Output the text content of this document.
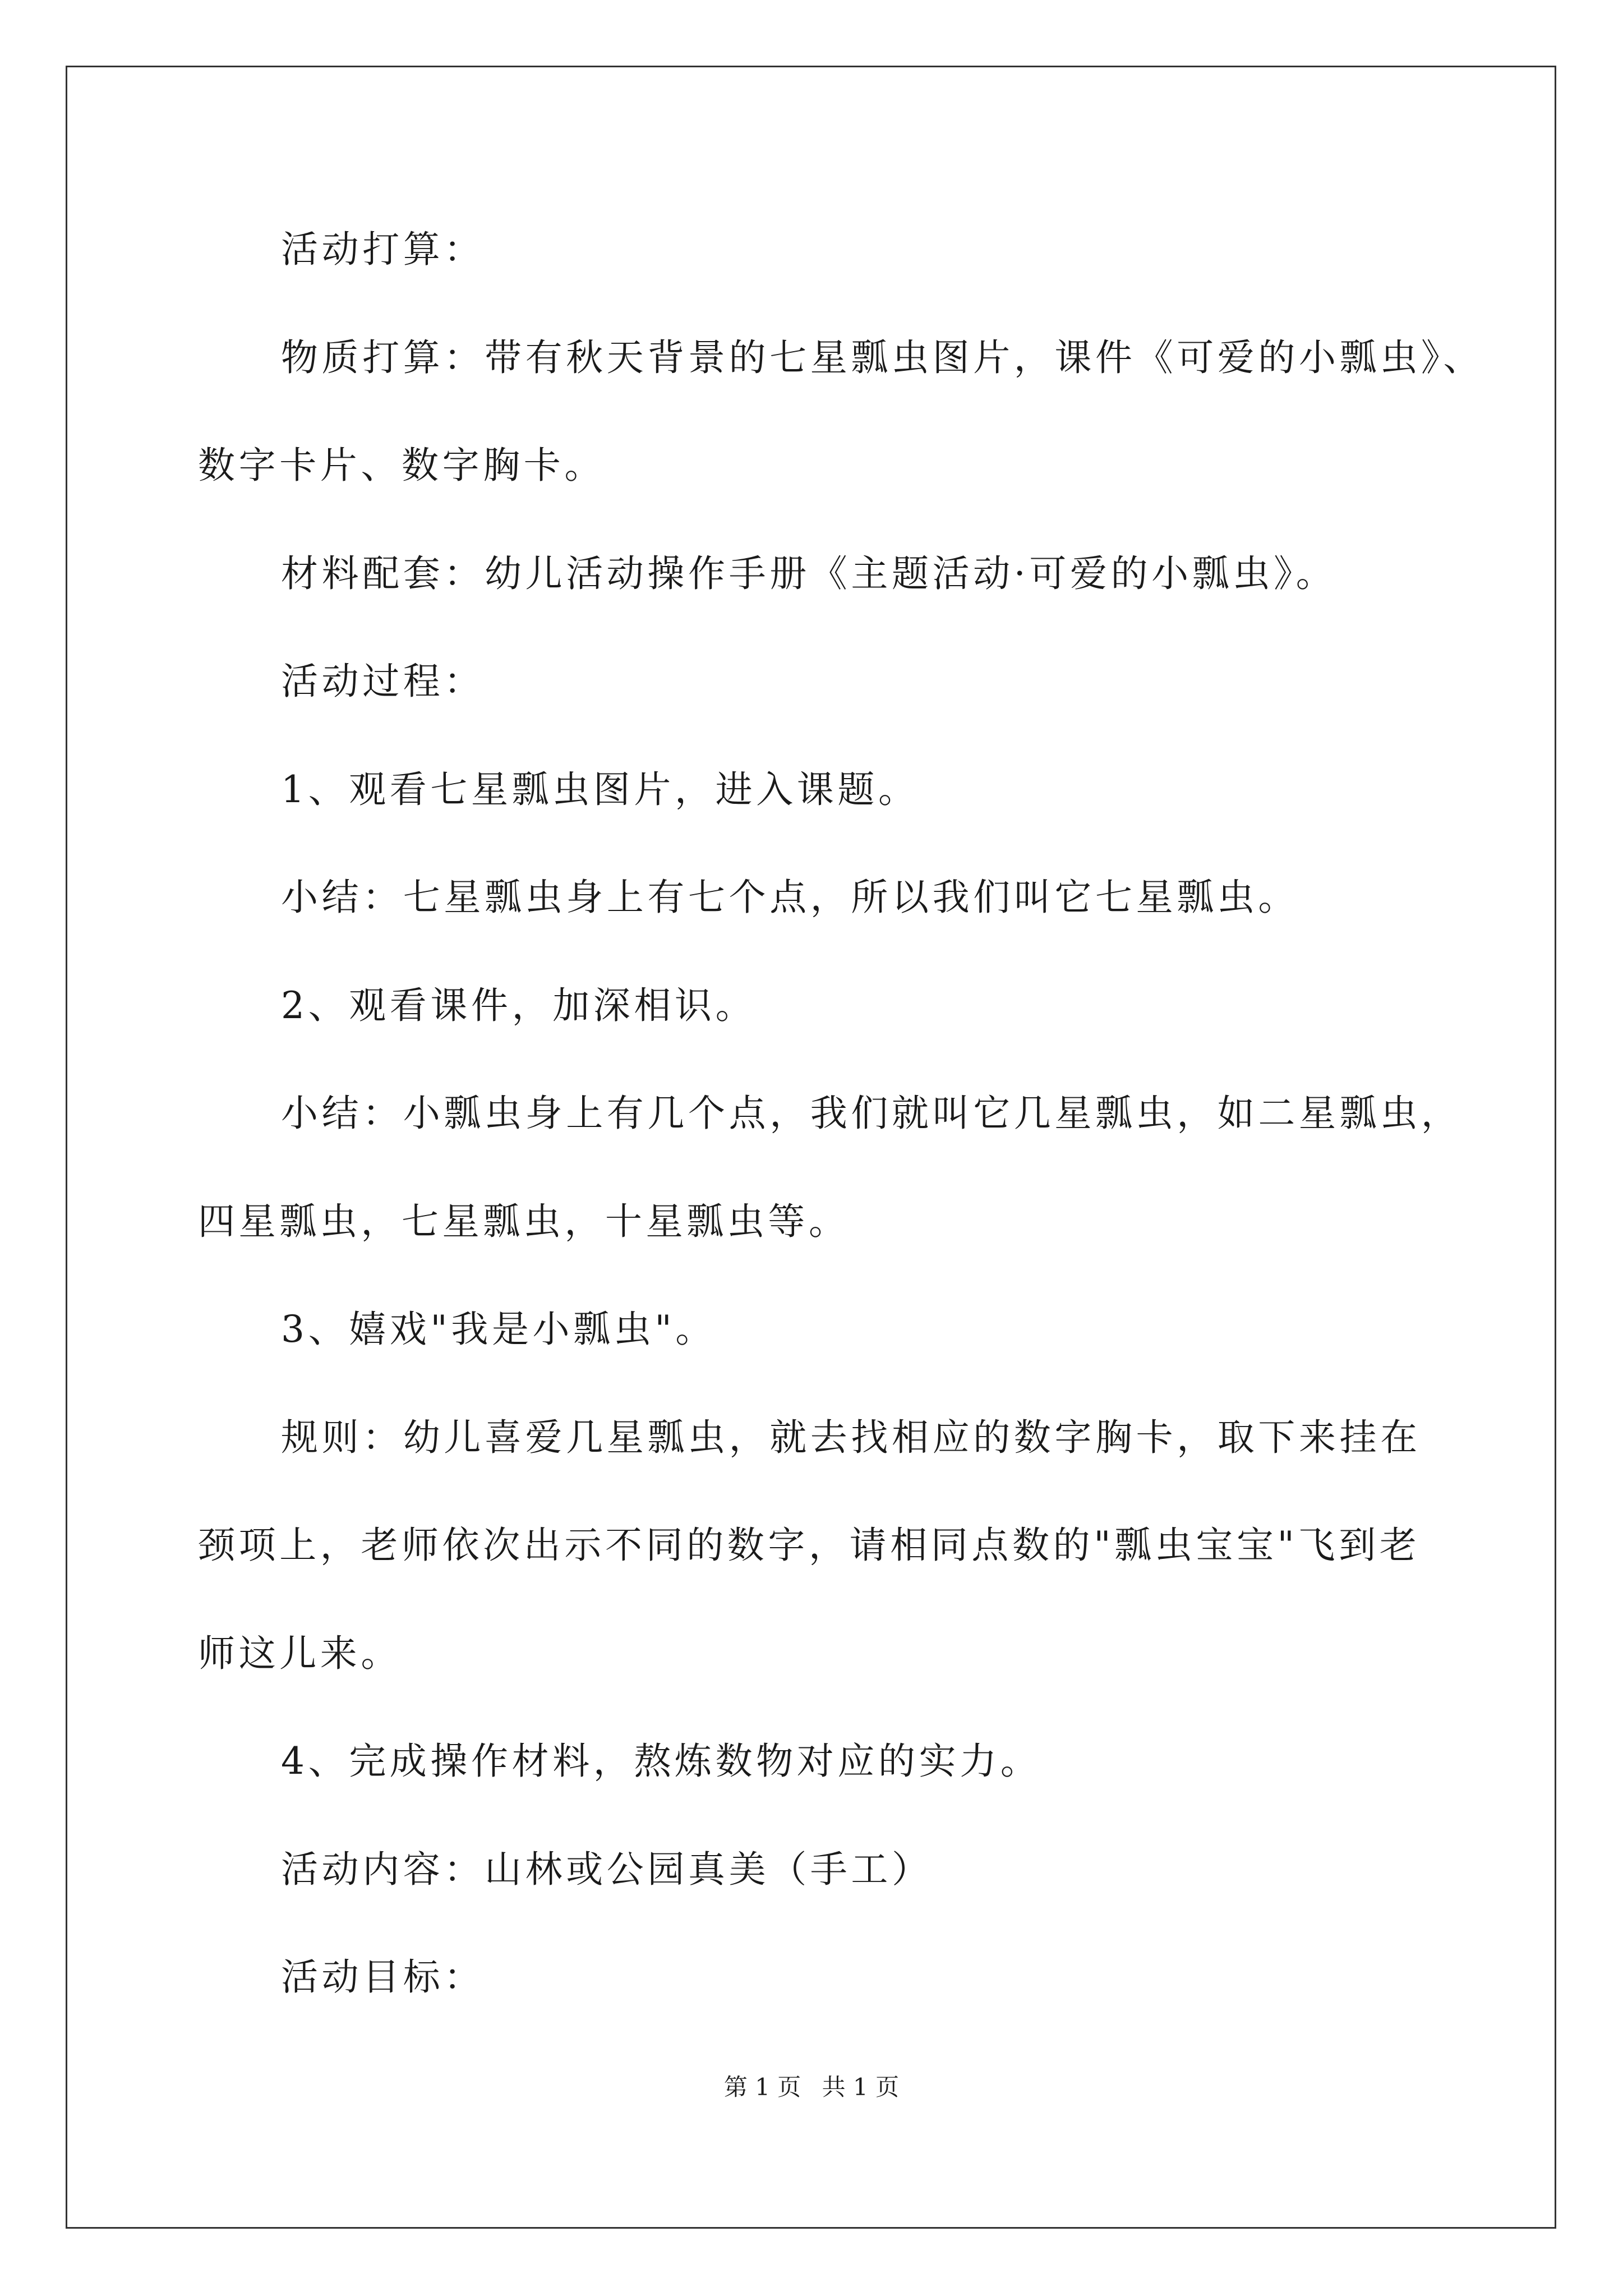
活动打算：
物质打算：带有秋天背景的七星瓢虫图片，课件《可爱的小瓢虫》、
数字卡片、数字胸卡。
材料配套：幼儿活动操作手册《主题活动·可爱的小瓢虫》。
活动过程：
1、观看七星瓢虫图片，进入课题。
小结：七星瓢虫身上有七个点，所以我们叫它七星瓢虫。
2、观看课件，加深相识。
小结：小瓢虫身上有几个点，我们就叫它几星瓢虫，如二星瓢虫，
四星瓢虫，七星瓢虫，十星瓢虫等。
3、嬉戏"我是小瓢虫"。
规则：幼儿喜爱几星瓢虫，就去找相应的数字胸卡，取下来挂在
颈项上，老师依次出示不同的数字，请相同点数的"瓢虫宝宝"飞到老
师这儿来。
4、完成操作材料，熬炼数物对应的实力。
活动内容：山林或公园真美（手工）
活动目标：
第 1 页 共 1 页
